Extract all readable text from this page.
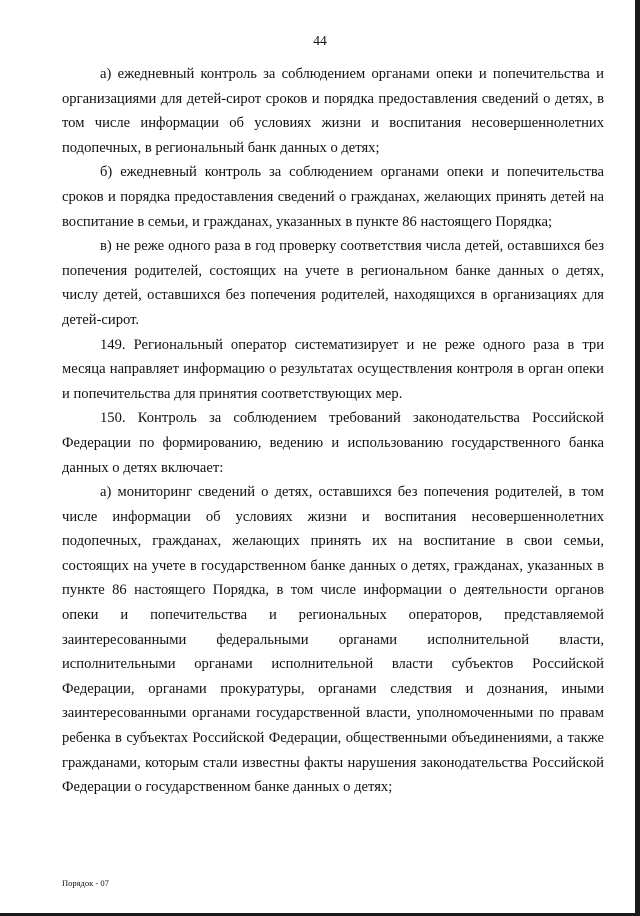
44

а) ежедневный контроль за соблюдением органами опеки и попечительства и организациями для детей-сирот сроков и порядка предоставления сведений о детях, в том числе информации об условиях жизни и воспитания несовершеннолетних подопечных, в региональный банк данных о детях;

б) ежедневный контроль за соблюдением органами опеки и попечительства сроков и порядка предоставления сведений о гражданах, желающих принять детей на воспитание в семьи, и гражданах, указанных в пункте 86 настоящего Порядка;

в) не реже одного раза в год проверку соответствия числа детей, оставшихся без попечения родителей, состоящих на учете в региональном банке данных о детях, числу детей, оставшихся без попечения родителей, находящихся в организациях для детей-сирот.

149. Региональный оператор систематизирует и не реже одного раза в три месяца направляет информацию о результатах осуществления контроля в орган опеки и попечительства для принятия соответствующих мер.

150. Контроль за соблюдением требований законодательства Российской Федерации по формированию, ведению и использованию государственного банка данных о детях включает:

а) мониторинг сведений о детях, оставшихся без попечения родителей, в том числе информации об условиях жизни и воспитания несовершеннолетних подопечных, гражданах, желающих принять их на воспитание в свои семьи, состоящих на учете в государственном банке данных о детях, гражданах, указанных в пункте 86 настоящего Порядка, в том числе информации о деятельности органов опеки и попечительства и региональных операторов, представляемой заинтересованными федеральными органами исполнительной власти, исполнительными органами исполнительной власти субъектов Российской Федерации, органами прокуратуры, органами следствия и дознания, иными заинтересованными органами государственной власти, уполномоченными по правам ребенка в субъектах Российской Федерации, общественными объединениями, а также гражданами, которым стали известны факты нарушения законодательства Российской Федерации о государственном банке данных о детях;

Порядок - 07
